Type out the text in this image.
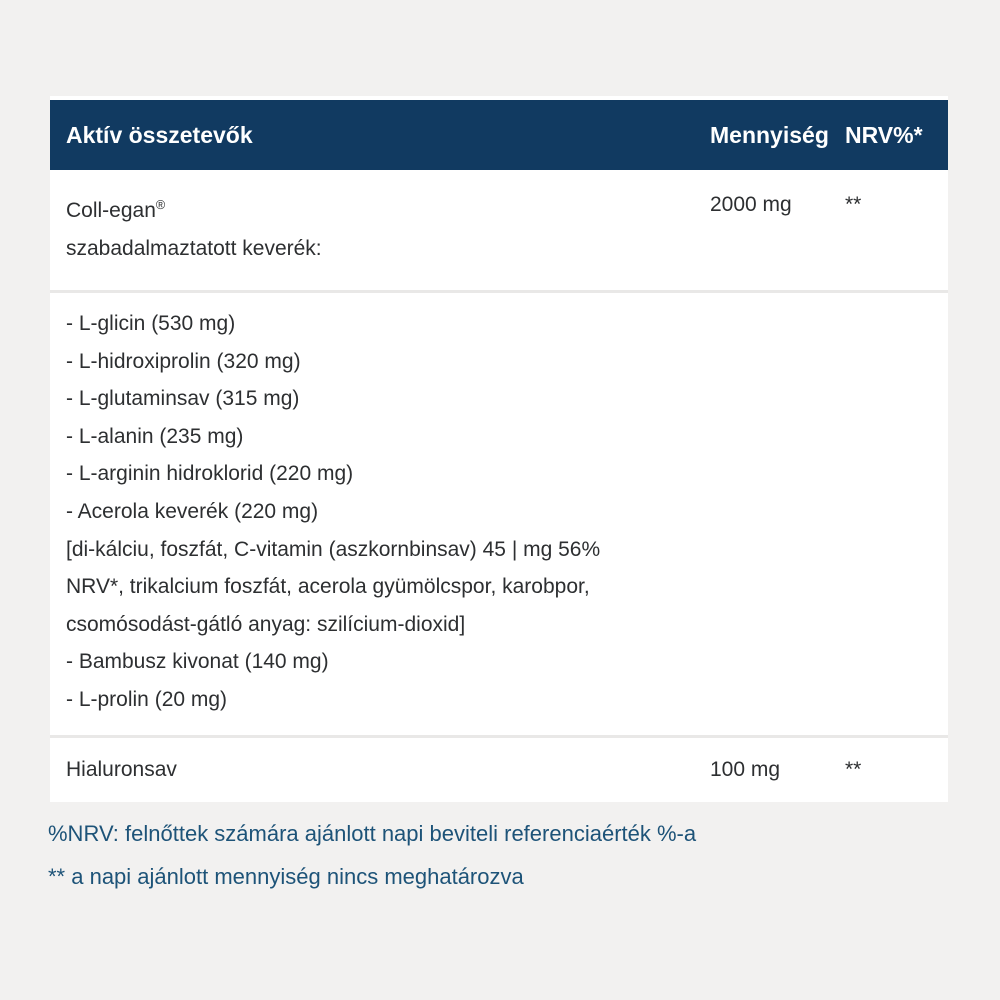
Aktív összetevők	Mennyiség NRV%*
Coll-egan®
szabadalmaztatott keverék:
2000 mg	**
- L-glicin (530 mg)
- L-hidroxiprolin (320 mg)
- L-glutaminsav (315 mg)
- L-alanin (235 mg)
- L-arginin hidroklorid (220 mg)
- Acerola keverék (220 mg)
[di-kálciu, foszfát, C-vitamin (aszkornbinsav) 45 | mg 56%
NRV*, trikalcium foszfát, acerola gyümölcspor, karobpor,
csomósodást-gátló anyag: szilícium-dioxid]
- Bambusz kivonat (140 mg)
- L-prolin (20 mg)
Hialuronsav	100 mg	**
%NRV: felnőttek számára ajánlott napi beviteli referenciaérték %-a
** a napi ajánlott mennyiség nincs meghatározva
